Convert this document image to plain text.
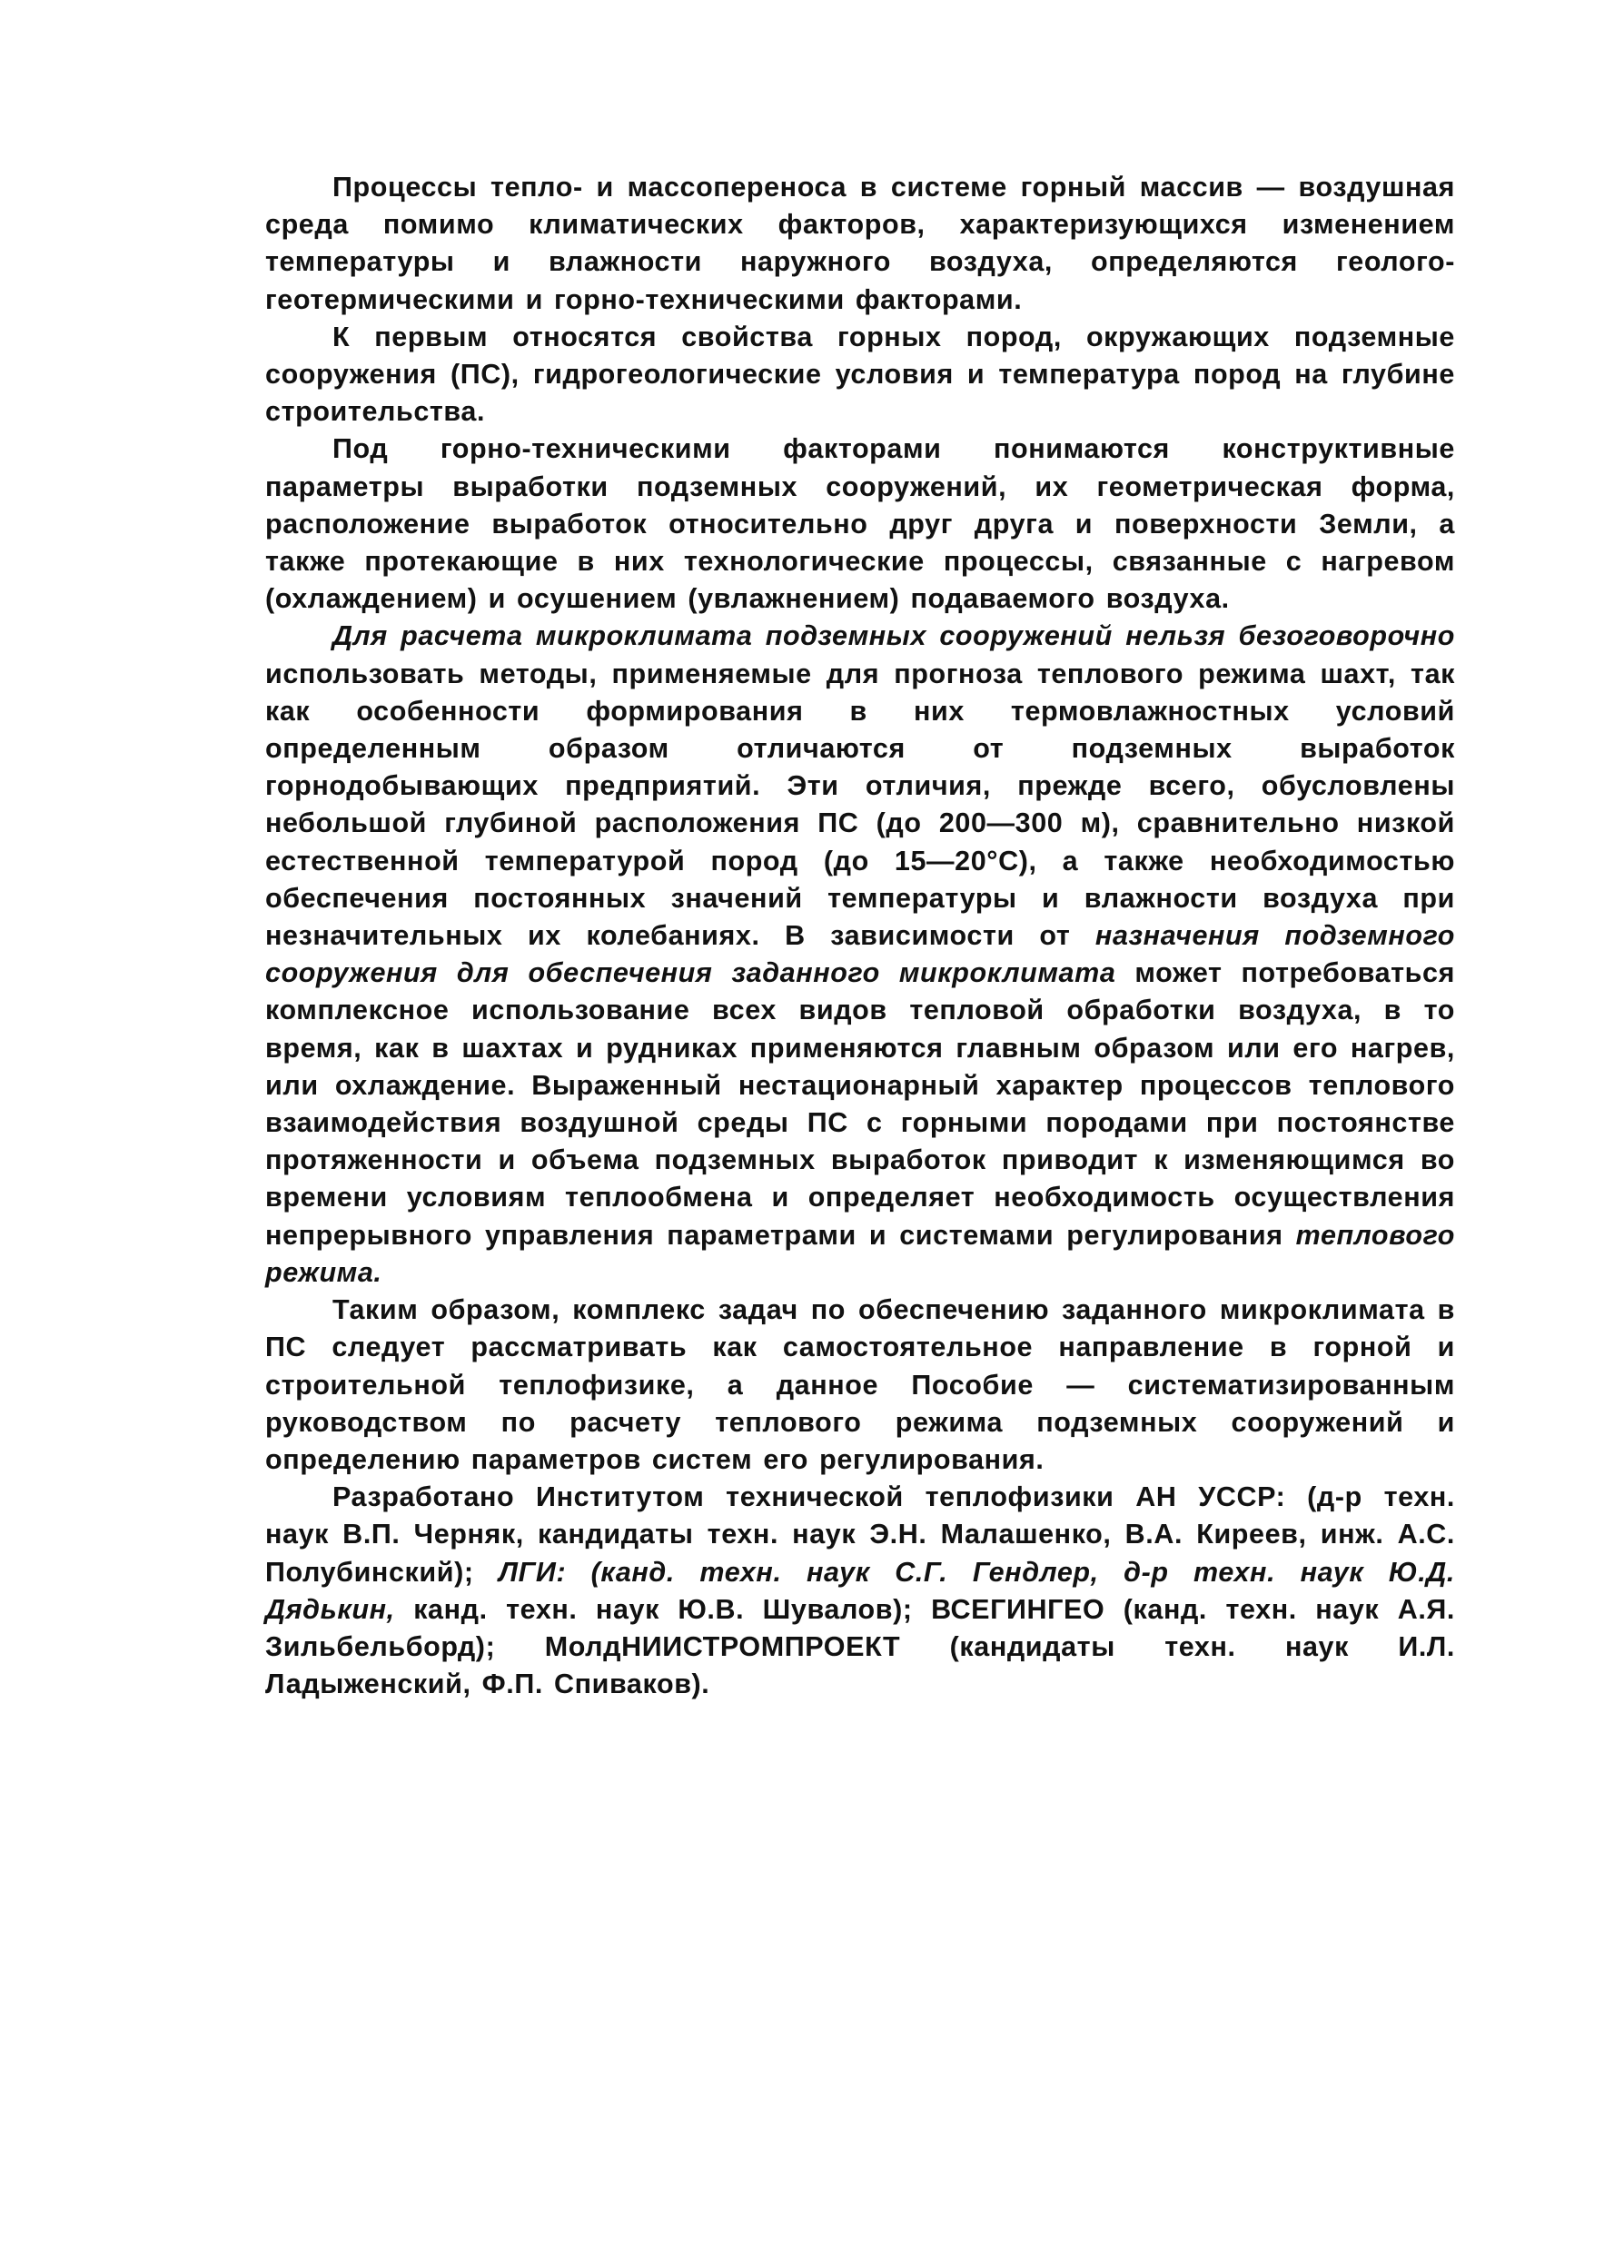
Процессы тепло- и массопереноса в системе горный массив — воздушная среда помимо климатических факторов, характеризующихся изменением температуры и влажности наружного воздуха, определяются геолого-геотермическими и горно-техническими факторами.

К первым относятся свойства горных пород, окружающих подземные сооружения (ПС), гидрогеологические условия и температура пород на глубине строительства.

Под горно-техническими факторами понимаются конструктивные параметры выработки подземных сооружений, их геометрическая форма, расположение выработок относительно друг друга и поверхности Земли, а также протекающие в них технологические процессы, связанные с нагревом (охлаждением) и осушением (увлажнением) подаваемого воздуха.

Для расчета микроклимата подземных сооружений нельзя безоговорочно использовать методы, применяемые для прогноза теплового режима шахт, так как особенности формирования в них термовлажностных условий определенным образом отличаются от подземных выработок горнодобывающих предприятий. Эти отличия, прежде всего, обусловлены небольшой глубиной расположения ПС (до 200—300 м), сравнительно низкой естественной температурой пород (до 15—20°С), а также необходимостью обеспечения постоянных значений температуры и влажности воздуха при незначительных их колебаниях. В зависимости от назначения подземного сооружения для обеспечения заданного микроклимата может потребоваться комплексное использование всех видов тепловой обработки воздуха, в то время, как в шахтах и рудниках применяются главным образом или его нагрев, или охлаждение. Выраженный нестационарный характер процессов теплового взаимодействия воздушной среды ПС с горными породами при постоянстве протяженности и объема подземных выработок приводит к изменяющимся во времени условиям теплообмена и определяет необходимость осуществления непрерывного управления параметрами и системами регулирования теплового режима.

Таким образом, комплекс задач по обеспечению заданного микроклимата в ПС следует рассматривать как самостоятельное направление в горной и строительной теплофизике, а данное Пособие — систематизированным руководством по расчету теплового режима подземных сооружений и определению параметров систем его регулирования.

Разработано Институтом технической теплофизики АН УССР: (д-р техн. наук В.П. Черняк, кандидаты техн. наук Э.Н. Малашенко, В.А. Киреев, инж. А.С. Полубинский); ЛГИ: (канд. техн. наук С.Г. Гендлер, д-р техн. наук Ю.Д. Дядькин, канд. техн. наук Ю.В. Шувалов); ВСЕГИНГЕО (канд. техн. наук А.Я. Зильбельборд); МолдНИИСТРОМПРОЕКТ (кандидаты техн. наук И.Л. Ладыженский, Ф.П. Спиваков).
